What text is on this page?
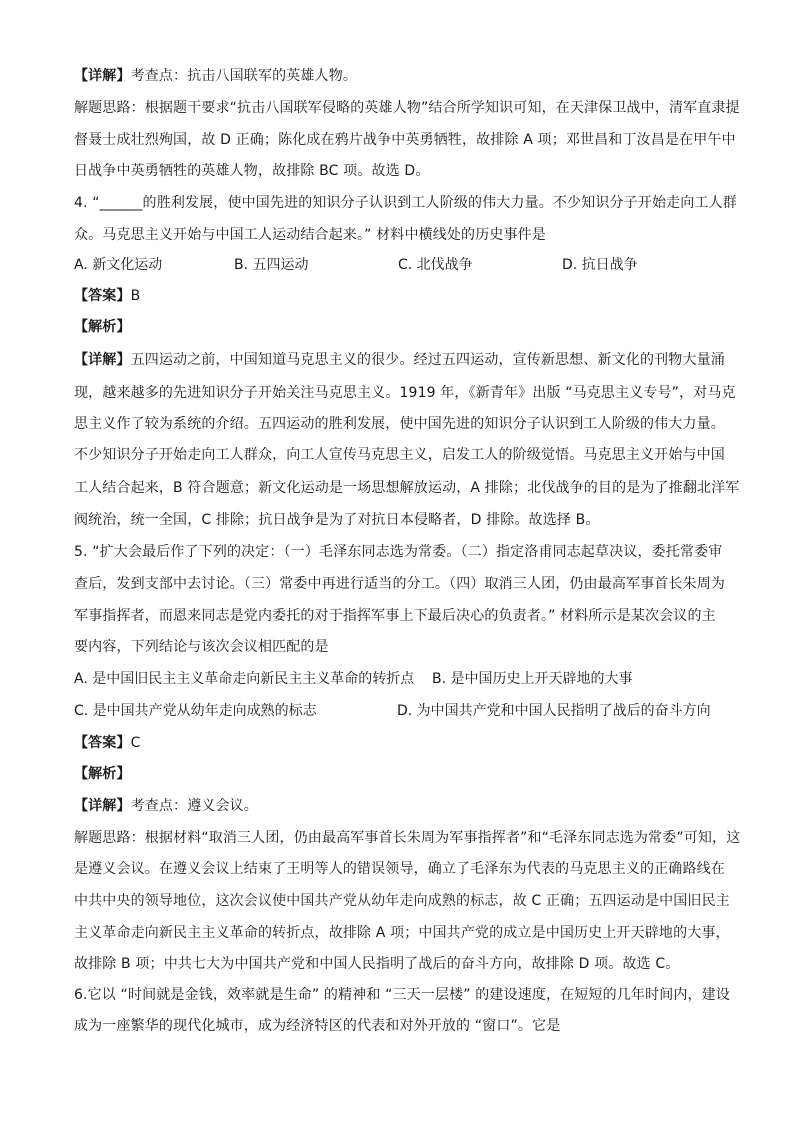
【详解】考查点：抗击八国联军的英雄人物。
解题思路：根据题干要求“抗击八国联军侵略的英雄人物”结合所学知识可知，在天津保卫战中，清军直隶提
督聂士成壮烈殉国，故 D 正确；陈化成在鸦片战争中英勇牺牲，故排除 A 项；邓世昌和丁汝昌是在甲午中
日战争中英勇牺牲的英雄人物，故排除 BC 项。故选 D。
4. “______的胜利发展，使中国先进的知识分子认识到工人阶级的伟大力量。不少知识分子开始走向工人群
众。马克思主义开始与中国工人运动结合起来。” 材料中横线处的历史事件是
A. 新文化运动	B. 五四运动	C. 北伐战争	D. 抗日战争
【答案】B
【解析】
【详解】五四运动之前，中国知道马克思主义的很少。经过五四运动，宣传新思想、新文化的刊物大量涌
现，越来越多的先进知识分子开始关注马克思主义。1919 年，《新青年》出版 “马克思主义专号”，对马克
思主义作了较为系统的介绍。五四运动的胜利发展，使中国先进的知识分子认识到工人阶级的伟大力量。
不少知识分子开始走向工人群众，向工人宣传马克思主义，启发工人的阶级觉悟。马克思主义开始与中国
工人结合起来，B 符合题意；新文化运动是一场思想解放运动，A 排除；北伐战争的目的是为了推翻北洋军
阀统治，统一全国，C 排除；抗日战争是为了对抗日本侵略者，D 排除。故选择 B。
5. “扩大会最后作了下列的决定：（一）毛泽东同志选为常委。（二）指定洛甫同志起草决议，委托常委审
查后，发到支部中去讨论。（三）常委中再进行适当的分工。（四）取消三人团，仍由最高军事首长朱周为
军事指挥者，而恩来同志是党内委托的对于指挥军事上下最后决心的负责者。” 材料所示是某次会议的主
要内容，下列结论与该次会议相匹配的是
A. 是中国旧民主主义革命走向新民主主义革命的转折点 B. 是中国历史上开天辟地的大事
C. 是中国共产党从幼年走向成熟的标志	D. 为中国共产党和中国人民指明了战后的奋斗方向
【答案】C
【解析】
【详解】考查点：遵义会议。
解题思路：根据材料“取消三人团，仍由最高军事首长朱周为军事指挥者”和“毛泽东同志选为常委”可知，这
是遵义会议。在遵义会议上结束了王明等人的错误领导，确立了毛泽东为代表的马克思主义的正确路线在
中共中央的领导地位，这次会议使中国共产党从幼年走向成熟的标志，故 C 正确；五四运动是中国旧民主
主义革命走向新民主主义革命的转折点，故排除 A 项；中国共产党的成立是中国历史上开天辟地的大事，
故排除 B 项；中共七大为中国共产党和中国人民指明了战后的奋斗方向，故排除 D 项。故选 C。
6.它以 “时间就是金钱，效率就是生命” 的精神和 “三天一层楼” 的建设速度，在短短的几年时间内，建设
成为一座繁华的现代化城市，成为经济特区的代表和对外开放的 “窗口”。它是
